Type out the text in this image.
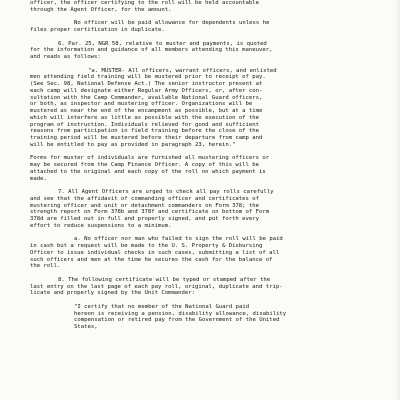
officer, the officer certifying to the roll will be held accountable
through the Agent Officer, for the amount.
No officer will be paid allowance for dependents unless he
files proper certification in duplicate.
6. Par. 25, NGR 58, relative to muster and payments, is quoted
for the information and guidance of all members attending this maneuver,
and reads as follows:
"a. MUSTER- All officers, warrant officers, and enlisted
men attending field training will be mustered prior to receipt of pay.
(See Sec. 98, National Defense Act.) The senior instructor present at
each camp will designate either Regular Army Officers, or, after con-
sultation with the Camp Commander, available National Guard officers,
or both, as inspector and mustering officer. Organizations will be
mustered as near the end of the encampment as possible, but at a time
which will interfere as little as possible with the execution of the
program of instruction. Individuals relieved for good and sufficient
reasons from participation in field training before the close of the
training period will be mustered before their departure from camp and
will be entitled to pay as provided in paragraph 23, herein."
Forms for muster of individuals are furnished all mustering officers or
may be secured from the Camp Finance Officer. A copy of this will be
attached to the original and each copy of the roll on which payment is
made.
7. All Agent Officers are urged to check all pay rolls carefully
and see that the affidavit of commanding officer and certificates of
mustering officer and unit or detachment commanders on Form 378; the
strength report on Form 378b and 378f and certificate on bottom of Form
378d are filled out in full and properly signed, and put forth every
effort to reduce suspensions to a minimum.
a. No officer nor man who failed to sign the roll will be paid
in cash but a request will be made to the U. S. Property & Disbursing
Officer to issue individual checks in such cases, submitting a list of all
such officers and men at the time he secures the cash for the balance of
the roll.
8. The following certificate will be typed or stamped after the
last entry on the last page of each pay roll, original, duplicate and trip-
licate and properly signed by the Unit Commander:
"I certify that no member of the National Guard paid
hereon is receiving a pension, disability allowance, disability
compensation or retired pay from the Government of the United
States,
